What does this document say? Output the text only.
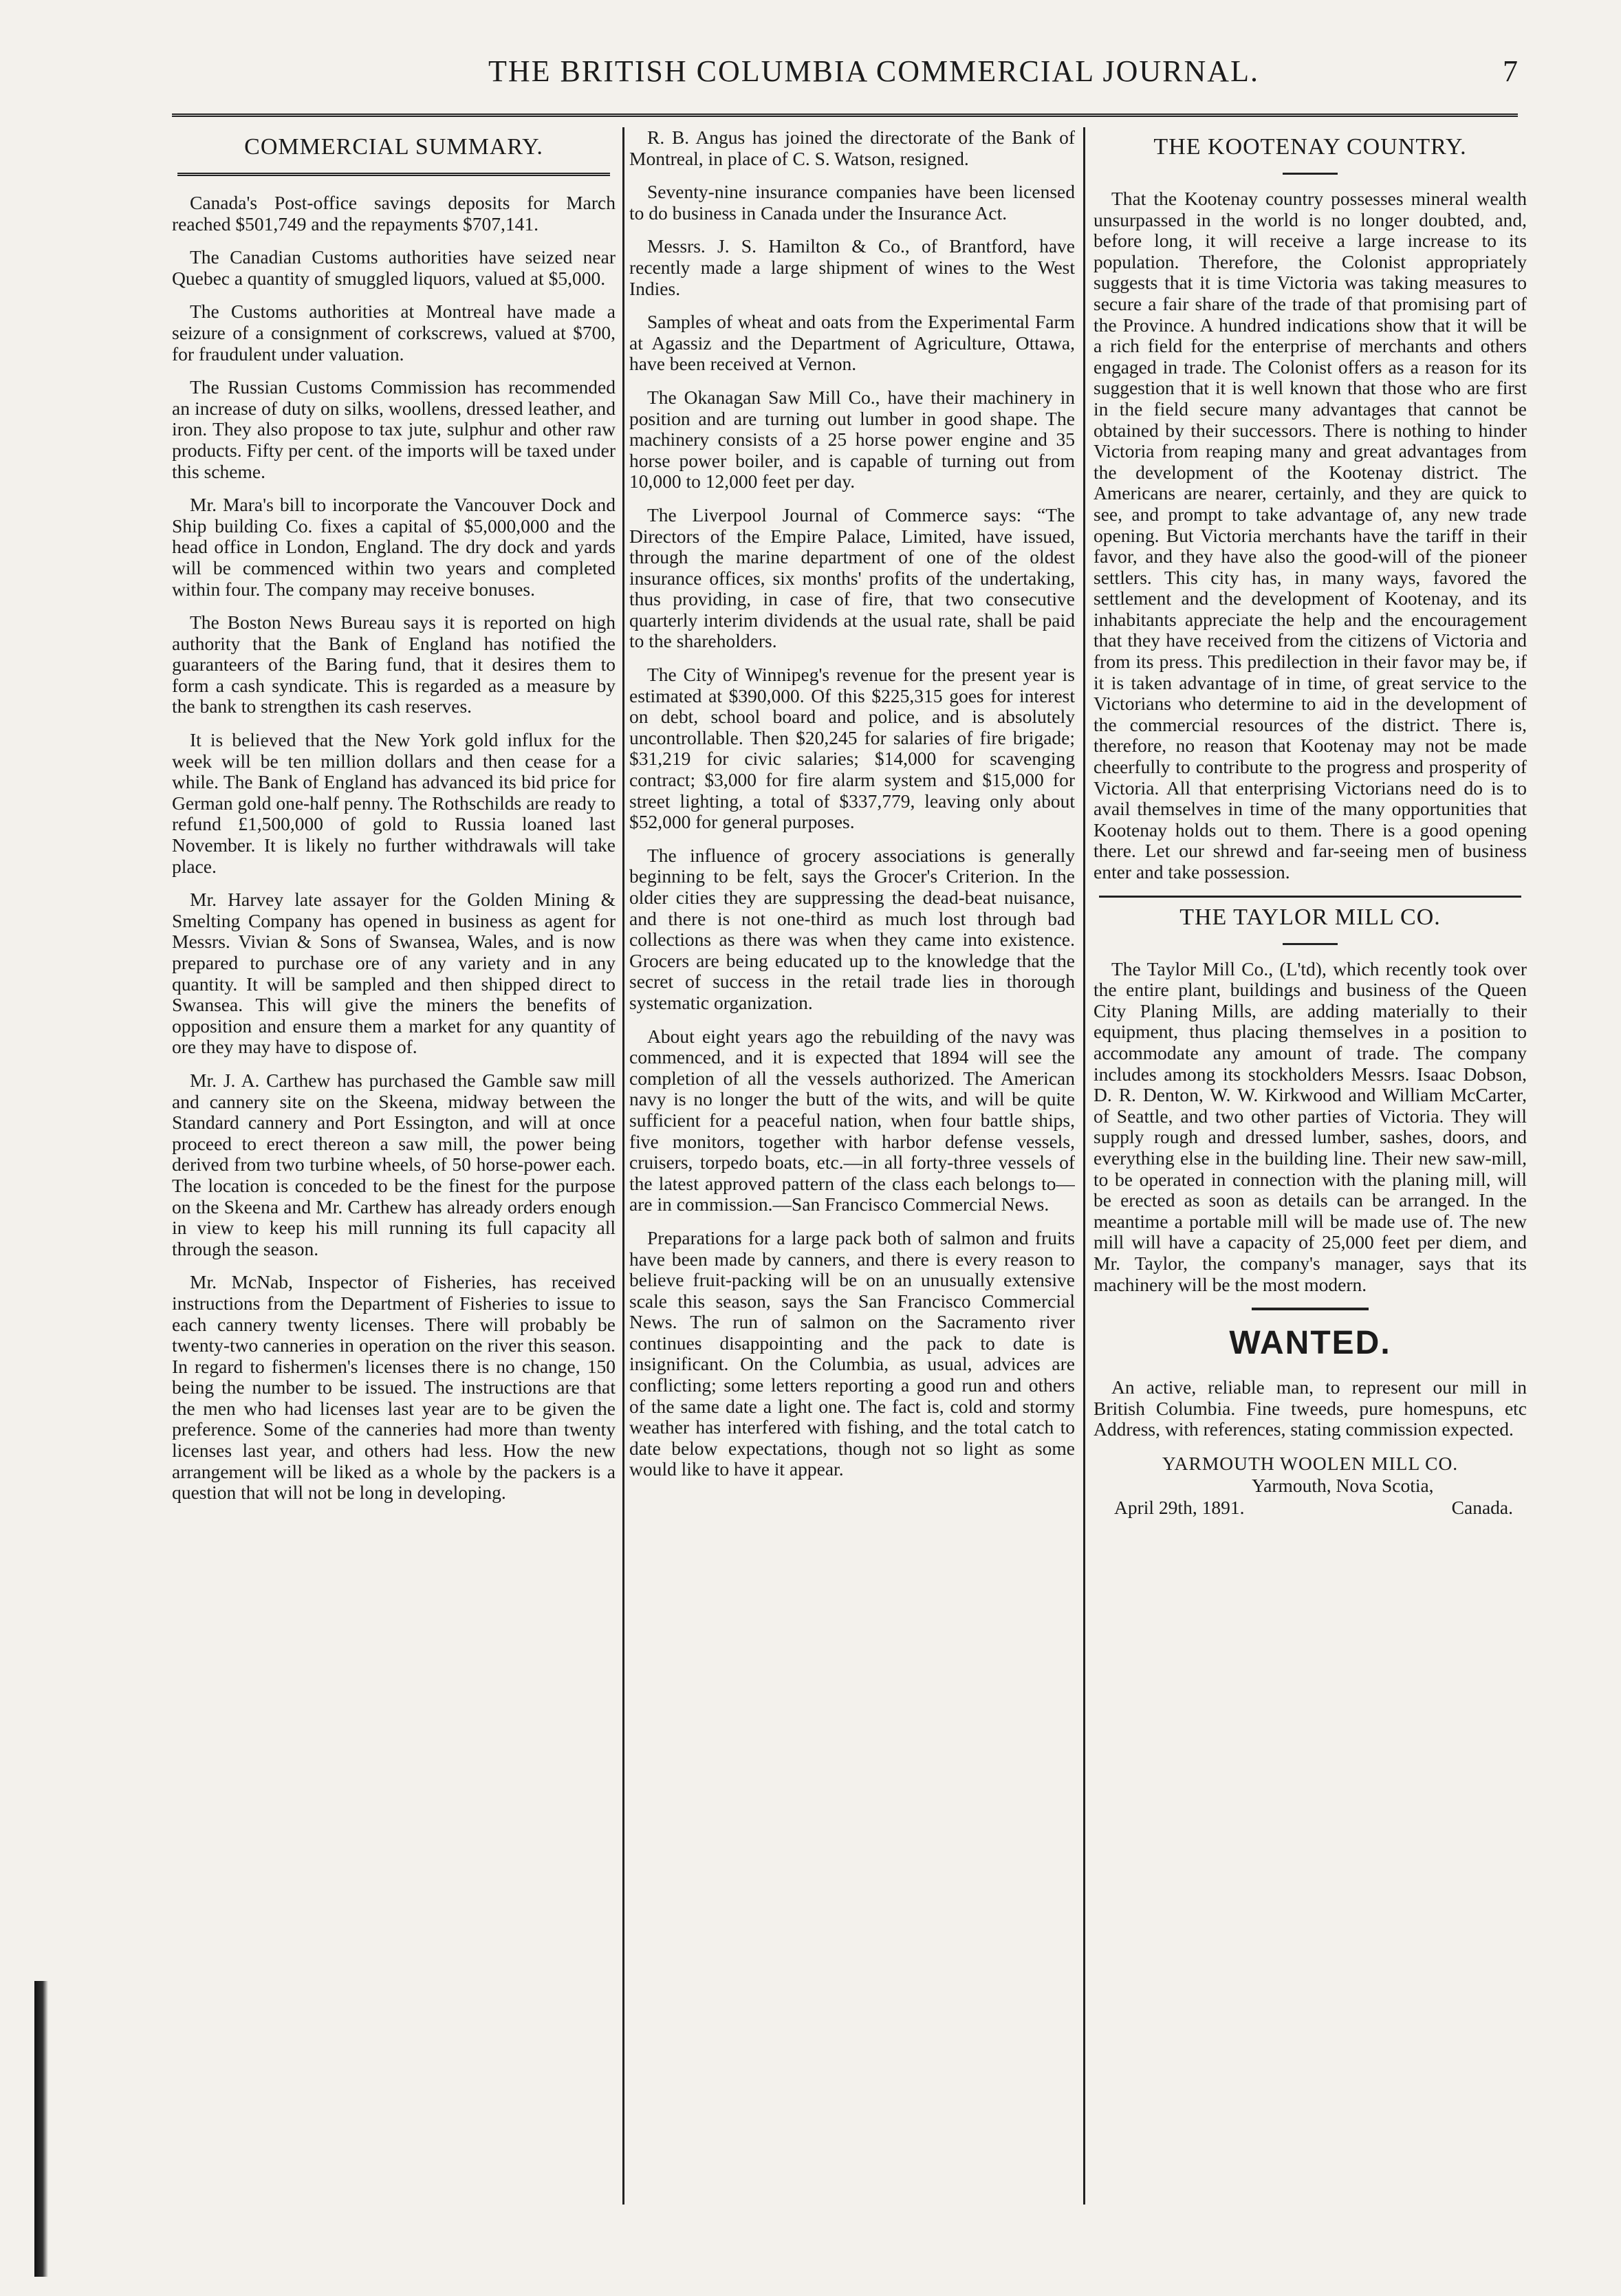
THE BRITISH COLUMBIA COMMERCIAL JOURNAL.	7
COMMERCIAL SUMMARY.

Canada's Post-office savings deposits for March reached $501,749 and the repayments $707,141.

The Canadian Customs authorities have seized near Quebec a quantity of smuggled liquors, valued at $5,000.

The Customs authorities at Montreal have made a seizure of a consignment of corkscrews, valued at $700, for fraudulent under valuation.

The Russian Customs Commission has recommended an increase of duty on silks, woollens, dressed leather, and iron. They also propose to tax jute, sulphur and other raw products. Fifty per cent. of the imports will be taxed under this scheme.

Mr. Mara's bill to incorporate the Vancouver Dock and Ship building Co. fixes a capital of $5,000,000 and the head office in London, England. The dry dock and yards will be commenced within two years and completed within four. The company may receive bonuses.

The Boston News Bureau says it is reported on high authority that the Bank of England has notified the guaranteers of the Baring fund, that it desires them to form a cash syndicate. This is regarded as a measure by the bank to strengthen its cash reserves.

It is believed that the New York gold influx for the week will be ten million dollars and then cease for a while. The Bank of England has advanced its bid price for German gold one-half penny. The Rothschilds are ready to refund £1,500,000 of gold to Russia loaned last November. It is likely no further withdrawals will take place.

Mr. Harvey late assayer for the Golden Mining & Smelting Company has opened in business as agent for Messrs. Vivian & Sons of Swansea, Wales, and is now prepared to purchase ore of any variety and in any quantity. It will be sampled and then shipped direct to Swansea. This will give the miners the benefits of opposition and ensure them a market for any quantity of ore they may have to dispose of.

Mr. J. A. Carthew has purchased the Gamble saw mill and cannery site on the Skeena, midway between the Standard cannery and Port Essington, and will at once proceed to erect thereon a saw mill, the power being derived from two turbine wheels, of 50 horse-power each. The location is conceded to be the finest for the purpose on the Skeena and Mr. Carthew has already orders enough in view to keep his mill running its full capacity all through the season.

Mr. McNab, Inspector of Fisheries, has received instructions from the Department of Fisheries to issue to each cannery twenty licenses. There will probably be twenty-two canneries in operation on the river this season. In regard to fishermen's licenses there is no change, 150 being the number to be issued. The instructions are that the men who had licenses last year are to be given the preference. Some of the canneries had more than twenty licenses last year, and others had less. How the new arrangement will be liked as a whole by the packers is a question that will not be long in developing.

R. B. Angus has joined the directorate of the Bank of Montreal, in place of C. S. Watson, resigned.

Seventy-nine insurance companies have been licensed to do business in Canada under the Insurance Act.

Messrs. J. S. Hamilton & Co., of Brantford, have recently made a large shipment of wines to the West Indies.

Samples of wheat and oats from the Experimental Farm at Agassiz and the Department of Agriculture, Ottawa, have been received at Vernon.

The Okanagan Saw Mill Co., have their machinery in position and are turning out lumber in good shape. The machinery consists of a 25 horse power engine and 35 horse power boiler, and is capable of turning out from 10,000 to 12,000 feet per day.

The Liverpool Journal of Commerce says: “The Directors of the Empire Palace, Limited, have issued, through the marine department of one of the oldest insurance offices, six months' profits of the undertaking, thus providing, in case of fire, that two consecutive quarterly interim dividends at the usual rate, shall be paid to the shareholders.

The City of Winnipeg's revenue for the present year is estimated at $390,000. Of this $225,315 goes for interest on debt, school board and police, and is absolutely uncontrollable. Then $20,245 for salaries of fire brigade; $31,219 for civic salaries; $14,000 for scavenging contract; $3,000 for fire alarm system and $15,000 for street lighting, a total of $337,779, leaving only about $52,000 for general purposes.

The influence of grocery associations is generally beginning to be felt, says the Grocer's Criterion. In the older cities they are suppressing the dead-beat nuisance, and there is not one-third as much lost through bad collections as there was when they came into existence. Grocers are being educated up to the knowledge that the secret of success in the retail trade lies in thorough systematic organization.

About eight years ago the rebuilding of the navy was commenced, and it is expected that 1894 will see the completion of all the vessels authorized. The American navy is no longer the butt of the wits, and will be quite sufficient for a peaceful nation, when four battle ships, five monitors, together with harbor defense vessels, cruisers, torpedo boats, etc.—in all forty-three vessels of the latest approved pattern of the class each belongs to—are in commission.—San Francisco Commercial News.

Preparations for a large pack both of salmon and fruits have been made by canners, and there is every reason to believe fruit-packing will be on an unusually extensive scale this season, says the San Francisco Commercial News. The run of salmon on the Sacramento river continues disappointing and the pack to date is insignificant. On the Columbia, as usual, advices are conflicting; some letters reporting a good run and others of the same date a light one. The fact is, cold and stormy weather has interfered with fishing, and the total catch to date below expectations, though not so light as some would like to have it appear.

THE KOOTENAY COUNTRY.

That the Kootenay country possesses mineral wealth unsurpassed in the world is no longer doubted, and, before long, it will receive a large increase to its population. Therefore, the Colonist appropriately suggests that it is time Victoria was taking measures to secure a fair share of the trade of that promising part of the Province. A hundred indications show that it will be a rich field for the enterprise of merchants and others engaged in trade. The Colonist offers as a reason for its suggestion that it is well known that those who are first in the field secure many advantages that cannot be obtained by their successors. There is nothing to hinder Victoria from reaping many and great advantages from the development of the Kootenay district. The Americans are nearer, certainly, and they are quick to see, and prompt to take advantage of, any new trade opening. But Victoria merchants have the tariff in their favor, and they have also the good-will of the pioneer settlers. This city has, in many ways, favored the settlement and the development of Kootenay, and its inhabitants appreciate the help and the encouragement that they have received from the citizens of Victoria and from its press. This predilection in their favor may be, if it is taken advantage of in time, of great service to the Victorians who determine to aid in the development of the commercial resources of the district. There is, therefore, no reason that Kootenay may not be made cheerfully to contribute to the progress and prosperity of Victoria. All that enterprising Victorians need do is to avail themselves in time of the many opportunities that Kootenay holds out to them. There is a good opening there. Let our shrewd and far-seeing men of business enter and take possession.

THE TAYLOR MILL CO.

The Taylor Mill Co., (L'td), which recently took over the entire plant, buildings and business of the Queen City Planing Mills, are adding materially to their equipment, thus placing themselves in a position to accommodate any amount of trade. The company includes among its stockholders Messrs. Isaac Dobson, D. R. Denton, W. W. Kirkwood and William McCarter, of Seattle, and two other parties of Victoria. They will supply rough and dressed lumber, sashes, doors, and everything else in the building line. Their new saw-mill, to be operated in connection with the planing mill, will be erected as soon as details can be arranged. In the meantime a portable mill will be made use of. The new mill will have a capacity of 25,000 feet per diem, and Mr. Taylor, the company's manager, says that its machinery will be the most modern.

WANTED.

An active, reliable man, to represent our mill in British Columbia. Fine tweeds, pure homespuns, etc Address, with references, stating commission expected.

YARMOUTH WOOLEN MILL CO.
Yarmouth, Nova Scotia,
April 29th, 1891.	Canada.
